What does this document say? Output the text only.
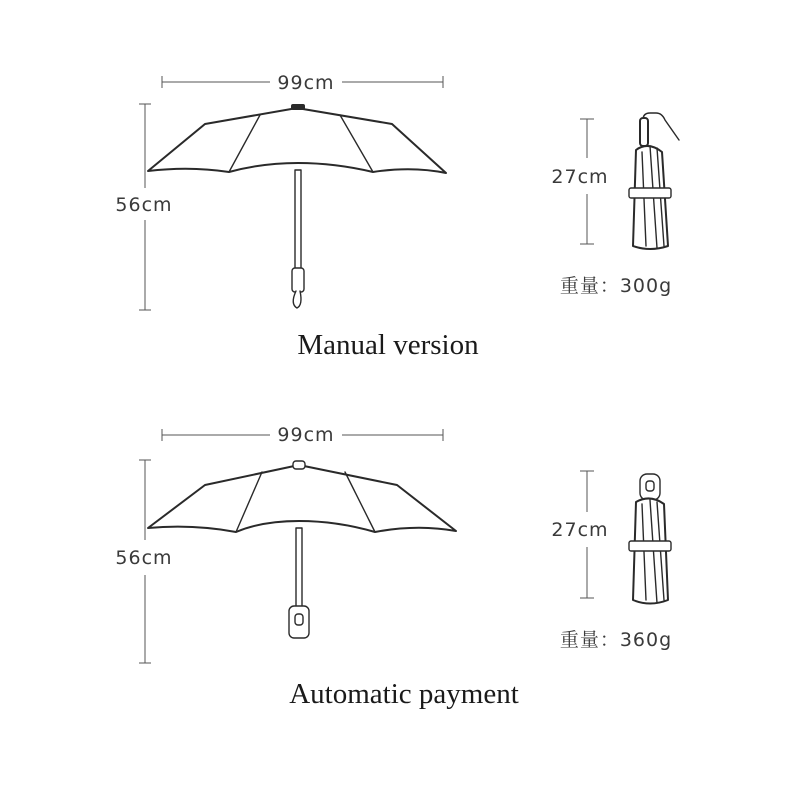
99cm
56cm
27cm
重量：300g
Manual version
99cm
56cm
27cm
重量：360g
Automatic payment
